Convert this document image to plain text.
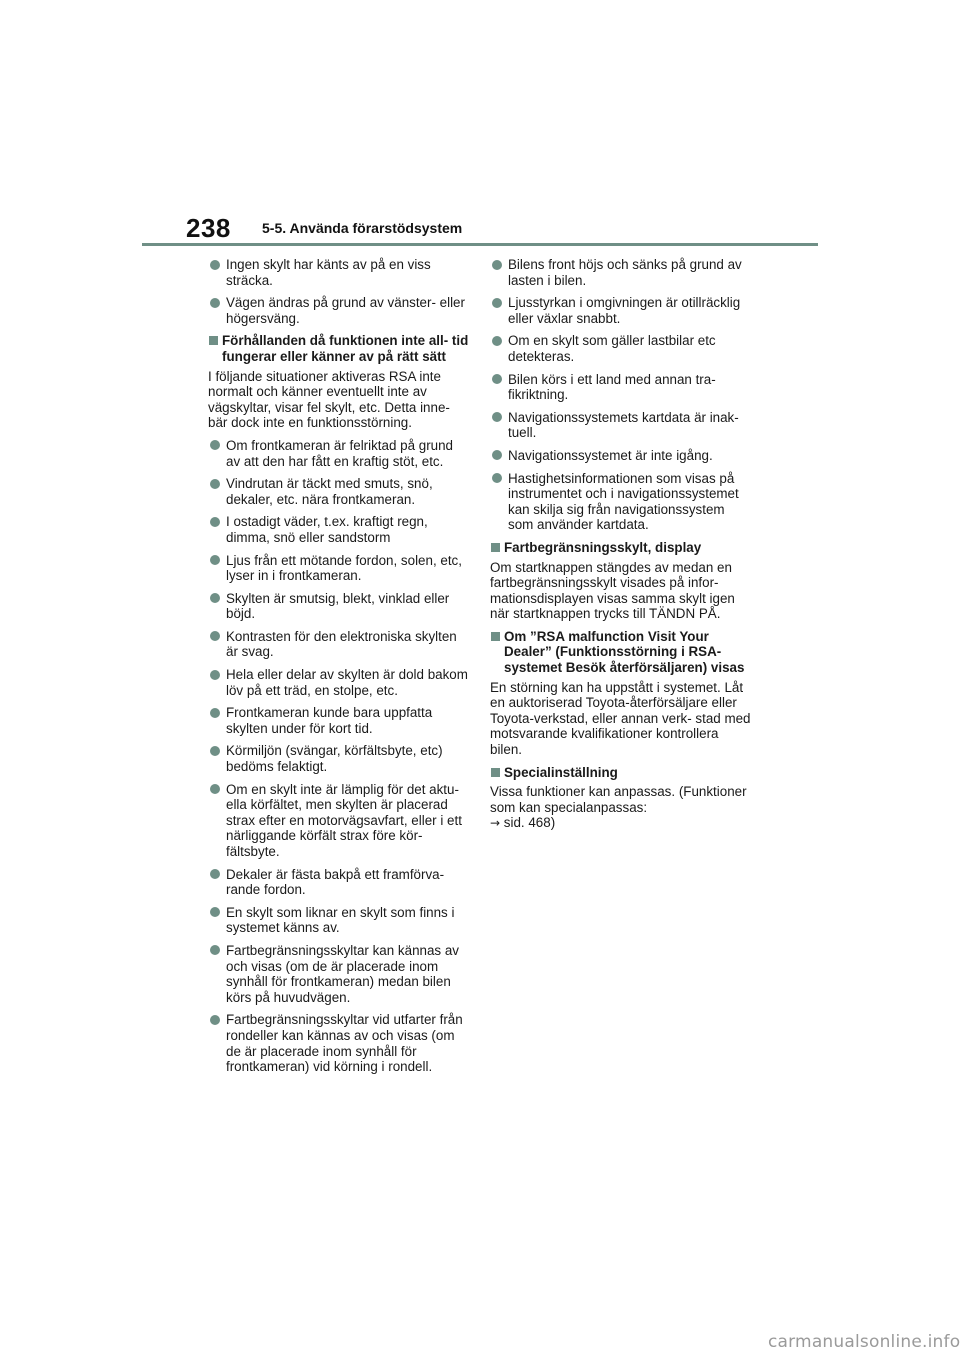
238 5-5. Använda förarstödsystem
Ingen skylt har känts av på en viss sträcka.
Vägen ändras på grund av vänster- eller högersväng.
Förhållanden då funktionen inte all- tid fungerar eller känner av på rätt sätt
I följande situationer aktiveras RSA inte normalt och känner eventuellt inte av vägskyltar, visar fel skylt, etc. Detta inne- bär dock inte en funktionsstörning.
Om frontkameran är felriktad på grund av att den har fått en kraftig stöt, etc.
Vindrutan är täckt med smuts, snö, dekaler, etc. nära frontkameran.
I ostadigt väder, t.ex. kraftigt regn, dimma, snö eller sandstorm
Ljus från ett mötande fordon, solen, etc, lyser in i frontkameran.
Skylten är smutsig, blekt, vinklad eller böjd.
Kontrasten för den elektroniska skylten är svag.
Hela eller delar av skylten är dold bakom löv på ett träd, en stolpe, etc.
Frontkameran kunde bara uppfatta skylten under för kort tid.
Körmiljön (svängar, körfältsbyte, etc) bedöms felaktigt.
Om en skylt inte är lämplig för det aktu- ella körfältet, men skylten är placerad strax efter en motorvägsavfart, eller i ett närliggande körfält strax före kör- fältsbyte.
Dekaler är fästa bakpå ett framförva- rande fordon.
En skylt som liknar en skylt som finns i systemet känns av.
Fartbegränsningsskyltar kan kännas av och visas (om de är placerade inom synhåll för frontkameran) medan bilen körs på huvudvägen.
Fartbegränsningsskyltar vid utfarter från rondeller kan kännas av och visas (om de är placerade inom synhåll för frontkameran) vid körning i rondell.
Bilens front höjs och sänks på grund av lasten i bilen.
Ljusstyrkan i omgivningen är otillräcklig eller växlar snabbt.
Om en skylt som gäller lastbilar etc detekteras.
Bilen körs i ett land med annan tra- fikriktning.
Navigationssystemets kartdata är inak- tuell.
Navigationssystemet är inte igång.
Hastighetsinformationen som visas på instrumentet och i navigationssystemet kan skilja sig från navigationssystem som använder kartdata.
Fartbegränsningsskylt, display
Om startknappen stängdes av medan en fartbegränsningsskylt visades på infor- mationsdisplayen visas samma skylt igen när startknappen trycks till TÄNDN PÅ.
Om ”RSA malfunction Visit Your Dealer” (Funktionsstörning i RSA- systemet Besök återförsäljaren) visas
En störning kan ha uppstått i systemet. Låt en auktoriserad Toyota-återförsäljare eller Toyota-verkstad, eller annan verk- stad med motsvarande kvalifikationer kontrollera bilen.
Specialinställning
Vissa funktioner kan anpassas. (Funktioner som kan specialanpassas:
→ sid. 468)
carmanualsonline.info
